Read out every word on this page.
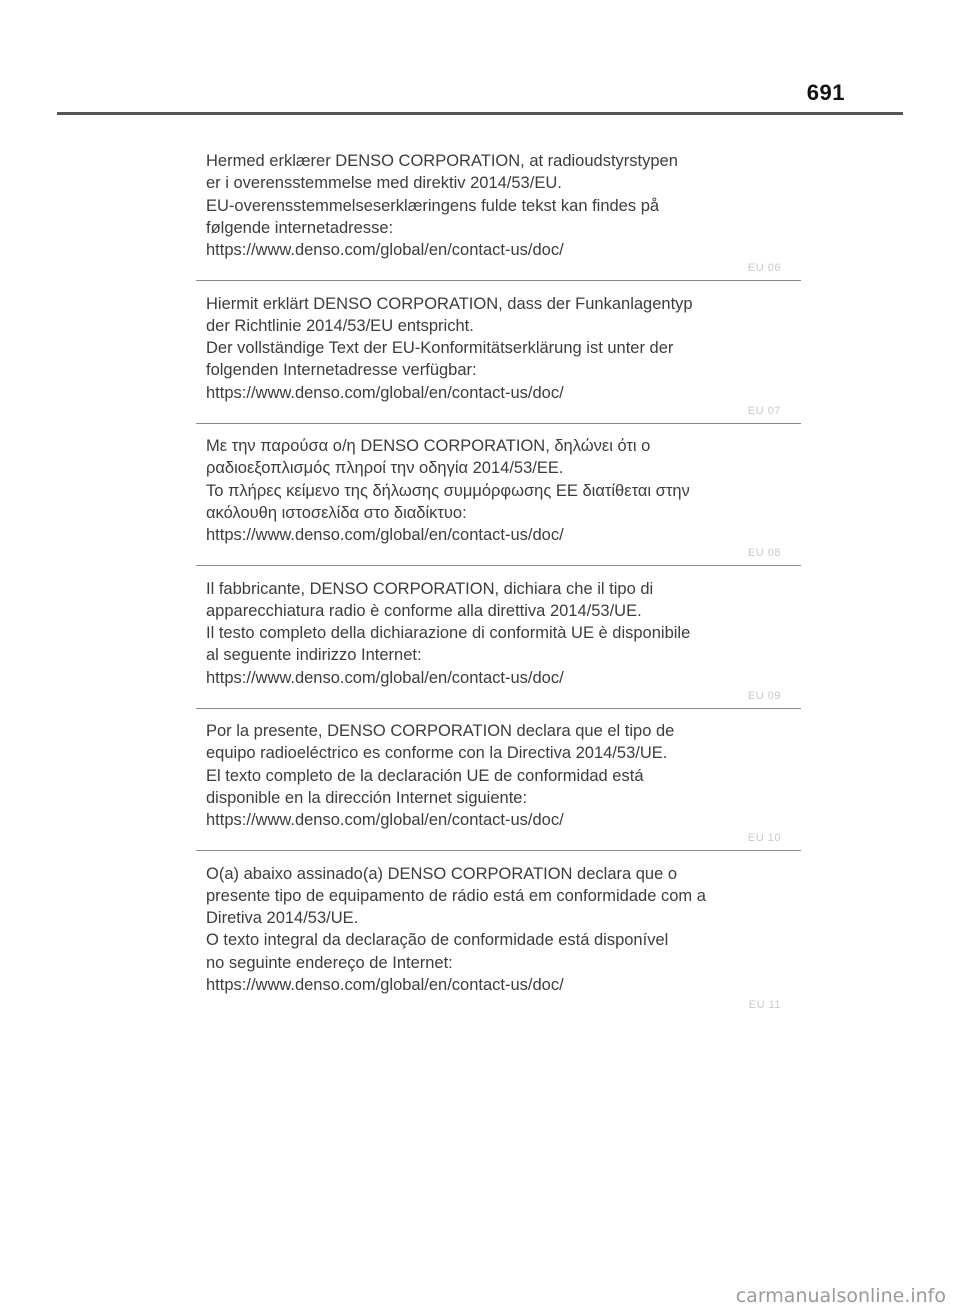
691
Hermed erklærer DENSO CORPORATION, at radioudstyrstypen
er i overensstemmelse med direktiv 2014/53/EU.
EU-overensstemmelseserklæringens fulde tekst kan findes på
følgende internetadresse:
https://www.denso.com/global/en/contact-us/doc/
EU 06
Hiermit erklärt DENSO CORPORATION, dass der Funkanlagentyp
der Richtlinie 2014/53/EU entspricht.
Der vollständige Text der EU-Konformitätserklärung ist unter der
folgenden Internetadresse verfügbar:
https://www.denso.com/global/en/contact-us/doc/
EU 07
Με την παρούσα ο/η DENSO CORPORATION, δηλώνει ότι ο
ραδιοεξοπλισμός πληροί την οδηγία 2014/53/ΕΕ.
Το πλήρες κείμενο της δήλωσης συμμόρφωσης ΕΕ διατίθεται στην
ακόλουθη ιστοσελίδα στο διαδίκτυο:
https://www.denso.com/global/en/contact-us/doc/
EU 08
Il fabbricante, DENSO CORPORATION, dichiara che il tipo di
apparecchiatura radio è conforme alla direttiva 2014/53/UE.
Il testo completo della dichiarazione di conformità UE è disponibile
al seguente indirizzo Internet:
https://www.denso.com/global/en/contact-us/doc/
EU 09
Por la presente, DENSO CORPORATION declara que el tipo de
equipo radioeléctrico es conforme con la Directiva 2014/53/UE.
El texto completo de la declaración UE de conformidad está
disponible en la dirección Internet siguiente:
https://www.denso.com/global/en/contact-us/doc/
EU 10
O(a) abaixo assinado(a) DENSO CORPORATION declara que o
presente tipo de equipamento de rádio está em conformidade com a
Diretiva 2014/53/UE.
O texto integral da declaração de conformidade está disponível
no seguinte endereço de Internet:
https://www.denso.com/global/en/contact-us/doc/
EU 11
carmanualsonline.info
